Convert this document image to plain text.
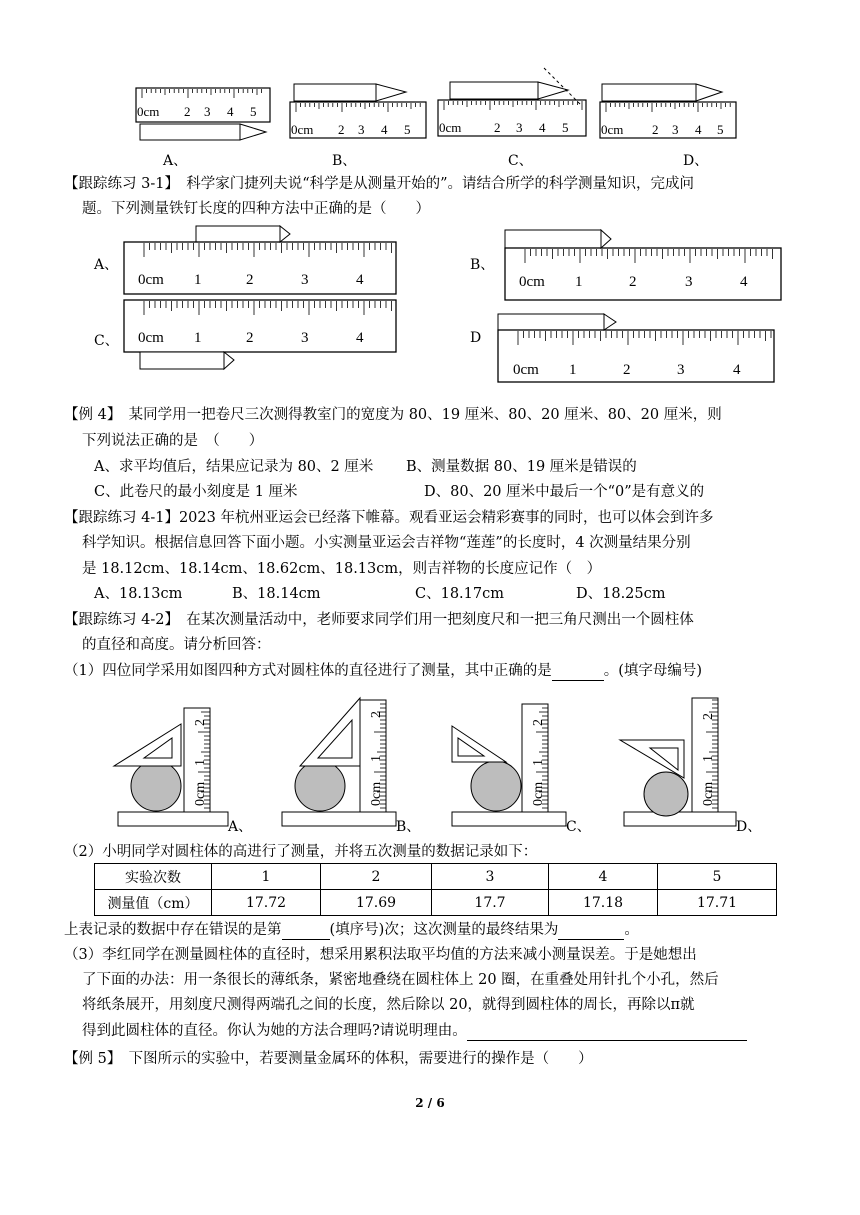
0cm 2 3 4 5
0cm 2 3 4 5 0cm	2 3 4 5	0cm 2 3 4 5
A、	B、	C、	D、
【跟踪练习 3-1】　科学家门捷列夫说“科学是从测量开始的”。请结合所学的科学测量知识，完成问
题。下列测量铁钉长度的四种方法中正确的是（　　）
0cm 1	2	3	4	0cm 1	2	3	4
0cm 1	2	3	4
0cm 1	2	3	4
A、	B、
C、	D
【例 4】　某同学用一把卷尺三次测得教室门的宽度为 80、19 厘米、80、20 厘米、80、20 厘米，则
下列说法正确的是　（　　）
A、求平均值后，结果应记录为 80、2 厘米 B、测量数据 80、19 厘米是错误的
C、此卷尺的最小刻度是 1 厘米	D、80、20 厘米中最后一个“0”是有意义的
【跟踪练习 4-1】2023 年杭州亚运会已经落下帷幕。观看亚运会精彩赛事的同时，也可以体会到许多
科学知识。根据信息回答下面小题。小实测量亚运会吉祥物“莲莲”的长度时，4 次测量结果分别
是 18.12cm、18.14cm、18.62cm、18.13cm，则吉祥物的长度应记作（　）
A、18.13cm	B、18.14cm	C、18.17cm	D、18.25cm
【跟踪练习 4-2】　在某次测量活动中，老师要求同学们用一把刻度尺和一把三角尺测出一个圆柱体
的直径和高度。请分析回答：
（1）四位同学采用如图四种方式对圆柱体的直径进行了测量，其中正确的是	。(填字母编号)
0cm
1
2
0cm
1
2
0cm
1
2
0cm
1
2
A、	B、	C、	D、
（2）小明同学对圆柱体的高进行了测量，并将五次测量的数据记录如下：
实验次数	1	2	3	4	5
测量值（cm）	17.72	17.69	17.7	17.18	17.71
上表记录的数据中存在错误的是第	(填序号)次；这次测量的最终结果为	。
（3）李红同学在测量圆柱体的直径时，想采用累积法取平均值的方法来减小测量误差。于是她想出
了下面的办法：用一条很长的薄纸条，紧密地叠绕在圆柱体上 20 圈，在重叠处用针扎个小孔，然后
将纸条展开，用刻度尺测得两端孔之间的长度，然后除以 20，就得到圆柱体的周长，再除以π就
得到此圆柱体的直径。你认为她的方法合理吗?请说明理由。
【例 5】　下图所示的实验中，若要测量金属环的体积，需要进行的操作是（　　）
2 / 6
